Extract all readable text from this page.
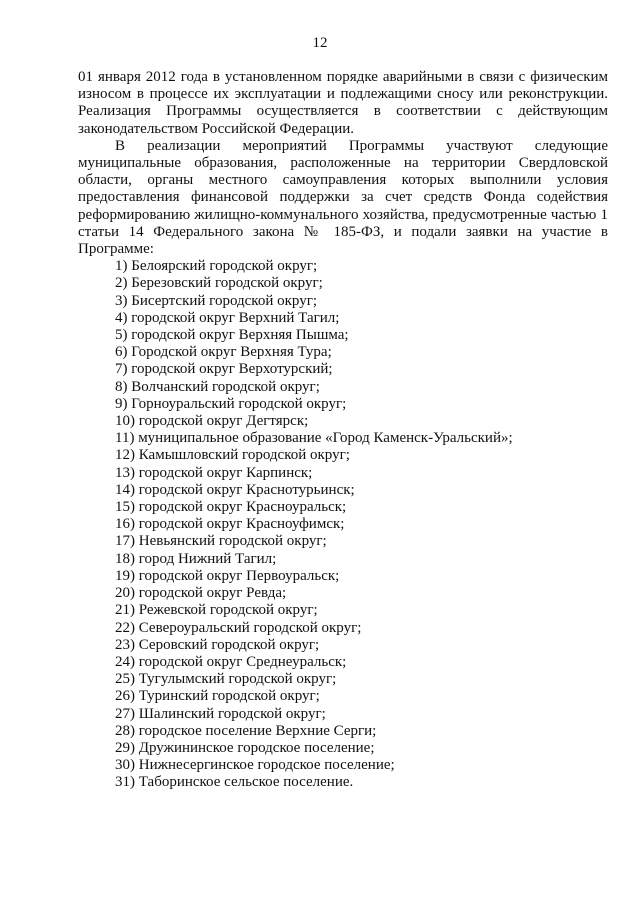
12

01 января 2012 года в установленном порядке аварийными в связи с физическим износом в процессе их эксплуатации и подлежащими сносу или реконструкции. Реализация Программы осуществляется в соответствии с действующим законодательством Российской Федерации.

В реализации мероприятий Программы участвуют следующие муниципальные образования, расположенные на территории Свердловской области, органы местного самоуправления которых выполнили условия предоставления финансовой поддержки за счет средств Фонда содействия реформированию жилищно-коммунального хозяйства, предусмотренные частью 1 статьи 14 Федерального закона № 185-ФЗ, и подали заявки на участие в Программе:

1) Белоярский городской округ;
2) Березовский городской округ;
3) Бисертский городской округ;
4) городской округ Верхний Тагил;
5) городской округ Верхняя Пышма;
6) Городской округ Верхняя Тура;
7) городской округ Верхотурский;
8) Волчанский городской округ;
9) Горноуральский городской округ;
10) городской округ Дегтярск;
11) муниципальное образование «Город Каменск-Уральский»;
12) Камышловский городской округ;
13) городской округ Карпинск;
14) городской округ Краснотурьинск;
15) городской округ Красноуральск;
16) городской округ Красноуфимск;
17) Невьянский городской округ;
18) город Нижний Тагил;
19) городской округ Первоуральск;
20) городской округ Ревда;
21) Режевской городской округ;
22) Североуральский городской округ;
23) Серовский городской округ;
24) городской округ Среднеуральск;
25) Тугулымский городской округ;
26) Туринский городской округ;
27) Шалинский городской округ;
28) городское поселение Верхние Серги;
29) Дружининское городское поселение;
30) Нижнесергинское городское поселение;
31) Таборинское сельское поселение.
